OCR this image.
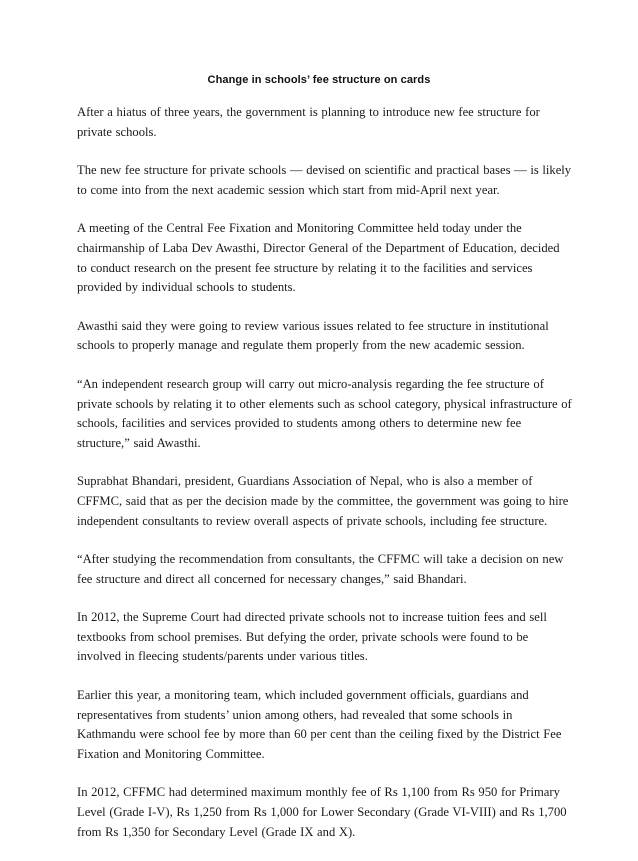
Change in schools’ fee structure on cards

After a hiatus of three years, the government is planning to introduce new fee structure for
private schools.

The new fee structure for private schools — devised on scientific and practical bases — is likely
to come into from the next academic session which start from mid-April next year.

A meeting of the Central Fee Fixation and Monitoring Committee held today under the
chairmanship of Laba Dev Awasthi, Director General of the Department of Education, decided
to conduct research on the present fee structure by relating it to the facilities and services
provided by individual schools to students.

Awasthi said they were going to review various issues related to fee structure in institutional
schools to properly manage and regulate them properly from the new academic session.

“An independent research group will carry out micro-analysis regarding the fee structure of
private schools by relating it to other elements such as school category, physical infrastructure of
schools, facilities and services provided to students among others to determine new fee
structure,” said Awasthi.

Suprabhat Bhandari, president, Guardians Association of Nepal, who is also a member of
CFFMC, said that as per the decision made by the committee, the government was going to hire
independent consultants to review overall aspects of private schools, including fee structure.

“After studying the recommendation from consultants, the CFFMC will take a decision on new
fee structure and direct all concerned for necessary changes,” said Bhandari.

In 2012, the Supreme Court had directed private schools not to increase tuition fees and sell
textbooks from school premises. But defying the order, private schools were found to be
involved in fleecing students/parents under various titles.

Earlier this year, a monitoring team, which included government officials, guardians and
representatives from students’ union among others, had revealed that some schools in
Kathmandu were school fee by more than 60 per cent than the ceiling fixed by the District Fee
Fixation and Monitoring Committee.

In 2012, CFFMC had determined maximum monthly fee of Rs 1,100 from Rs 950 for Primary
Level (Grade I-V), Rs 1,250 from Rs 1,000 for Lower Secondary (Grade VI-VIII) and Rs 1,700
from Rs 1,350 for Secondary Level (Grade IX and X).
